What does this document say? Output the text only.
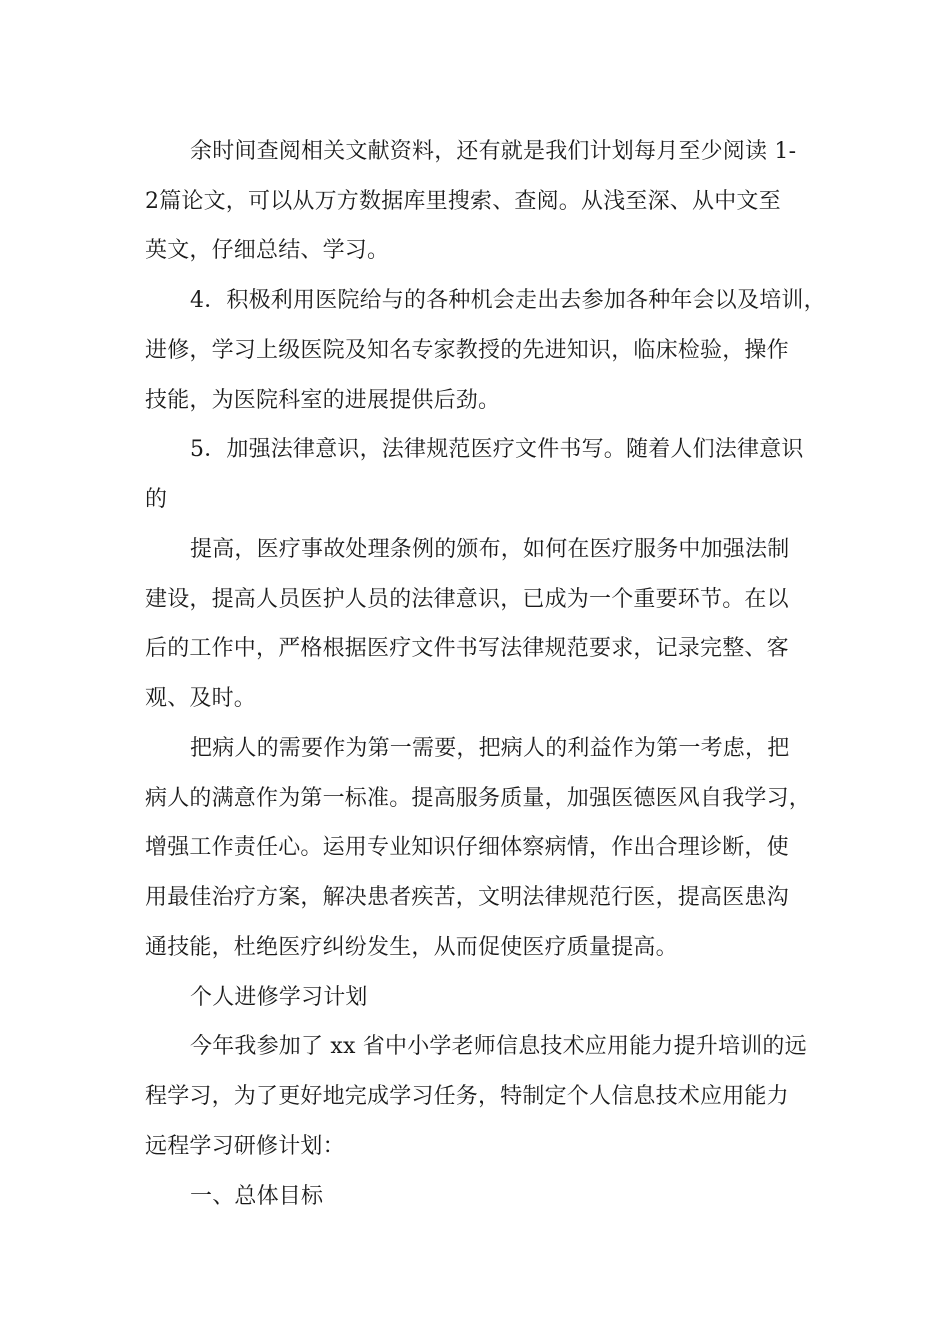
余时间查阅相关文献资料，还有就是我们计划每月至少阅读 1-
2篇论文，可以从万方数据库里搜索、查阅。从浅至深、从中文至
英文，仔细总结、学习。
4．积极利用医院给与的各种机会走出去参加各种年会以及培训，
进修，学习上级医院及知名专家教授的先进知识，临床检验，操作
技能，为医院科室的进展提供后劲。
5．加强法律意识，法律规范医疗文件书写。随着人们法律意识
的
提高，医疗事故处理条例的颁布，如何在医疗服务中加强法制
建设，提高人员医护人员的法律意识，已成为一个重要环节。在以
后的工作中，严格根据医疗文件书写法律规范要求，记录完整、客
观、及时。
把病人的需要作为第一需要，把病人的利益作为第一考虑，把
病人的满意作为第一标准。提高服务质量，加强医德医风自我学习，
增强工作责任心。运用专业知识仔细体察病情，作出合理诊断，使
用最佳治疗方案，解决患者疾苦，文明法律规范行医，提高医患沟
通技能，杜绝医疗纠纷发生，从而促使医疗质量提高。
个人进修学习计划
今年我参加了 xx 省中小学老师信息技术应用能力提升培训的远
程学习，为了更好地完成学习任务，特制定个人信息技术应用能力
远程学习研修计划：
一、总体目标
